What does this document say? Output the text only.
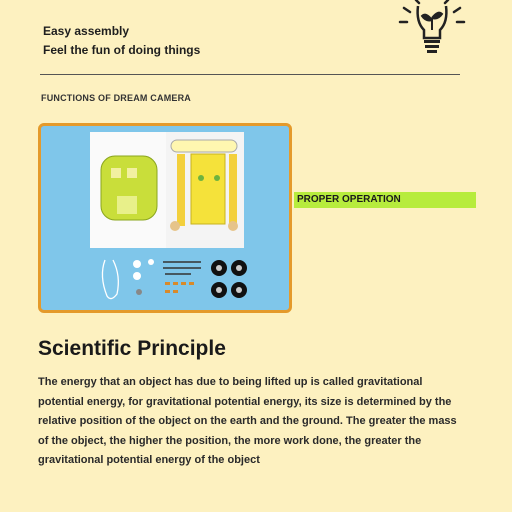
Easy assembly
Feel the fun of doing things
FUNCTIONS OF DREAM CAMERA
PROPER OPERATION
Scientific Principle
The energy that an object has due to being lifted up is called gravitational potential energy, for gravitational potential energy, its size is determined by the relative position of the object on the earth and the ground. The greater the mass of the object, the higher the position, the more work done, the greater the gravitational potential energy of the object
